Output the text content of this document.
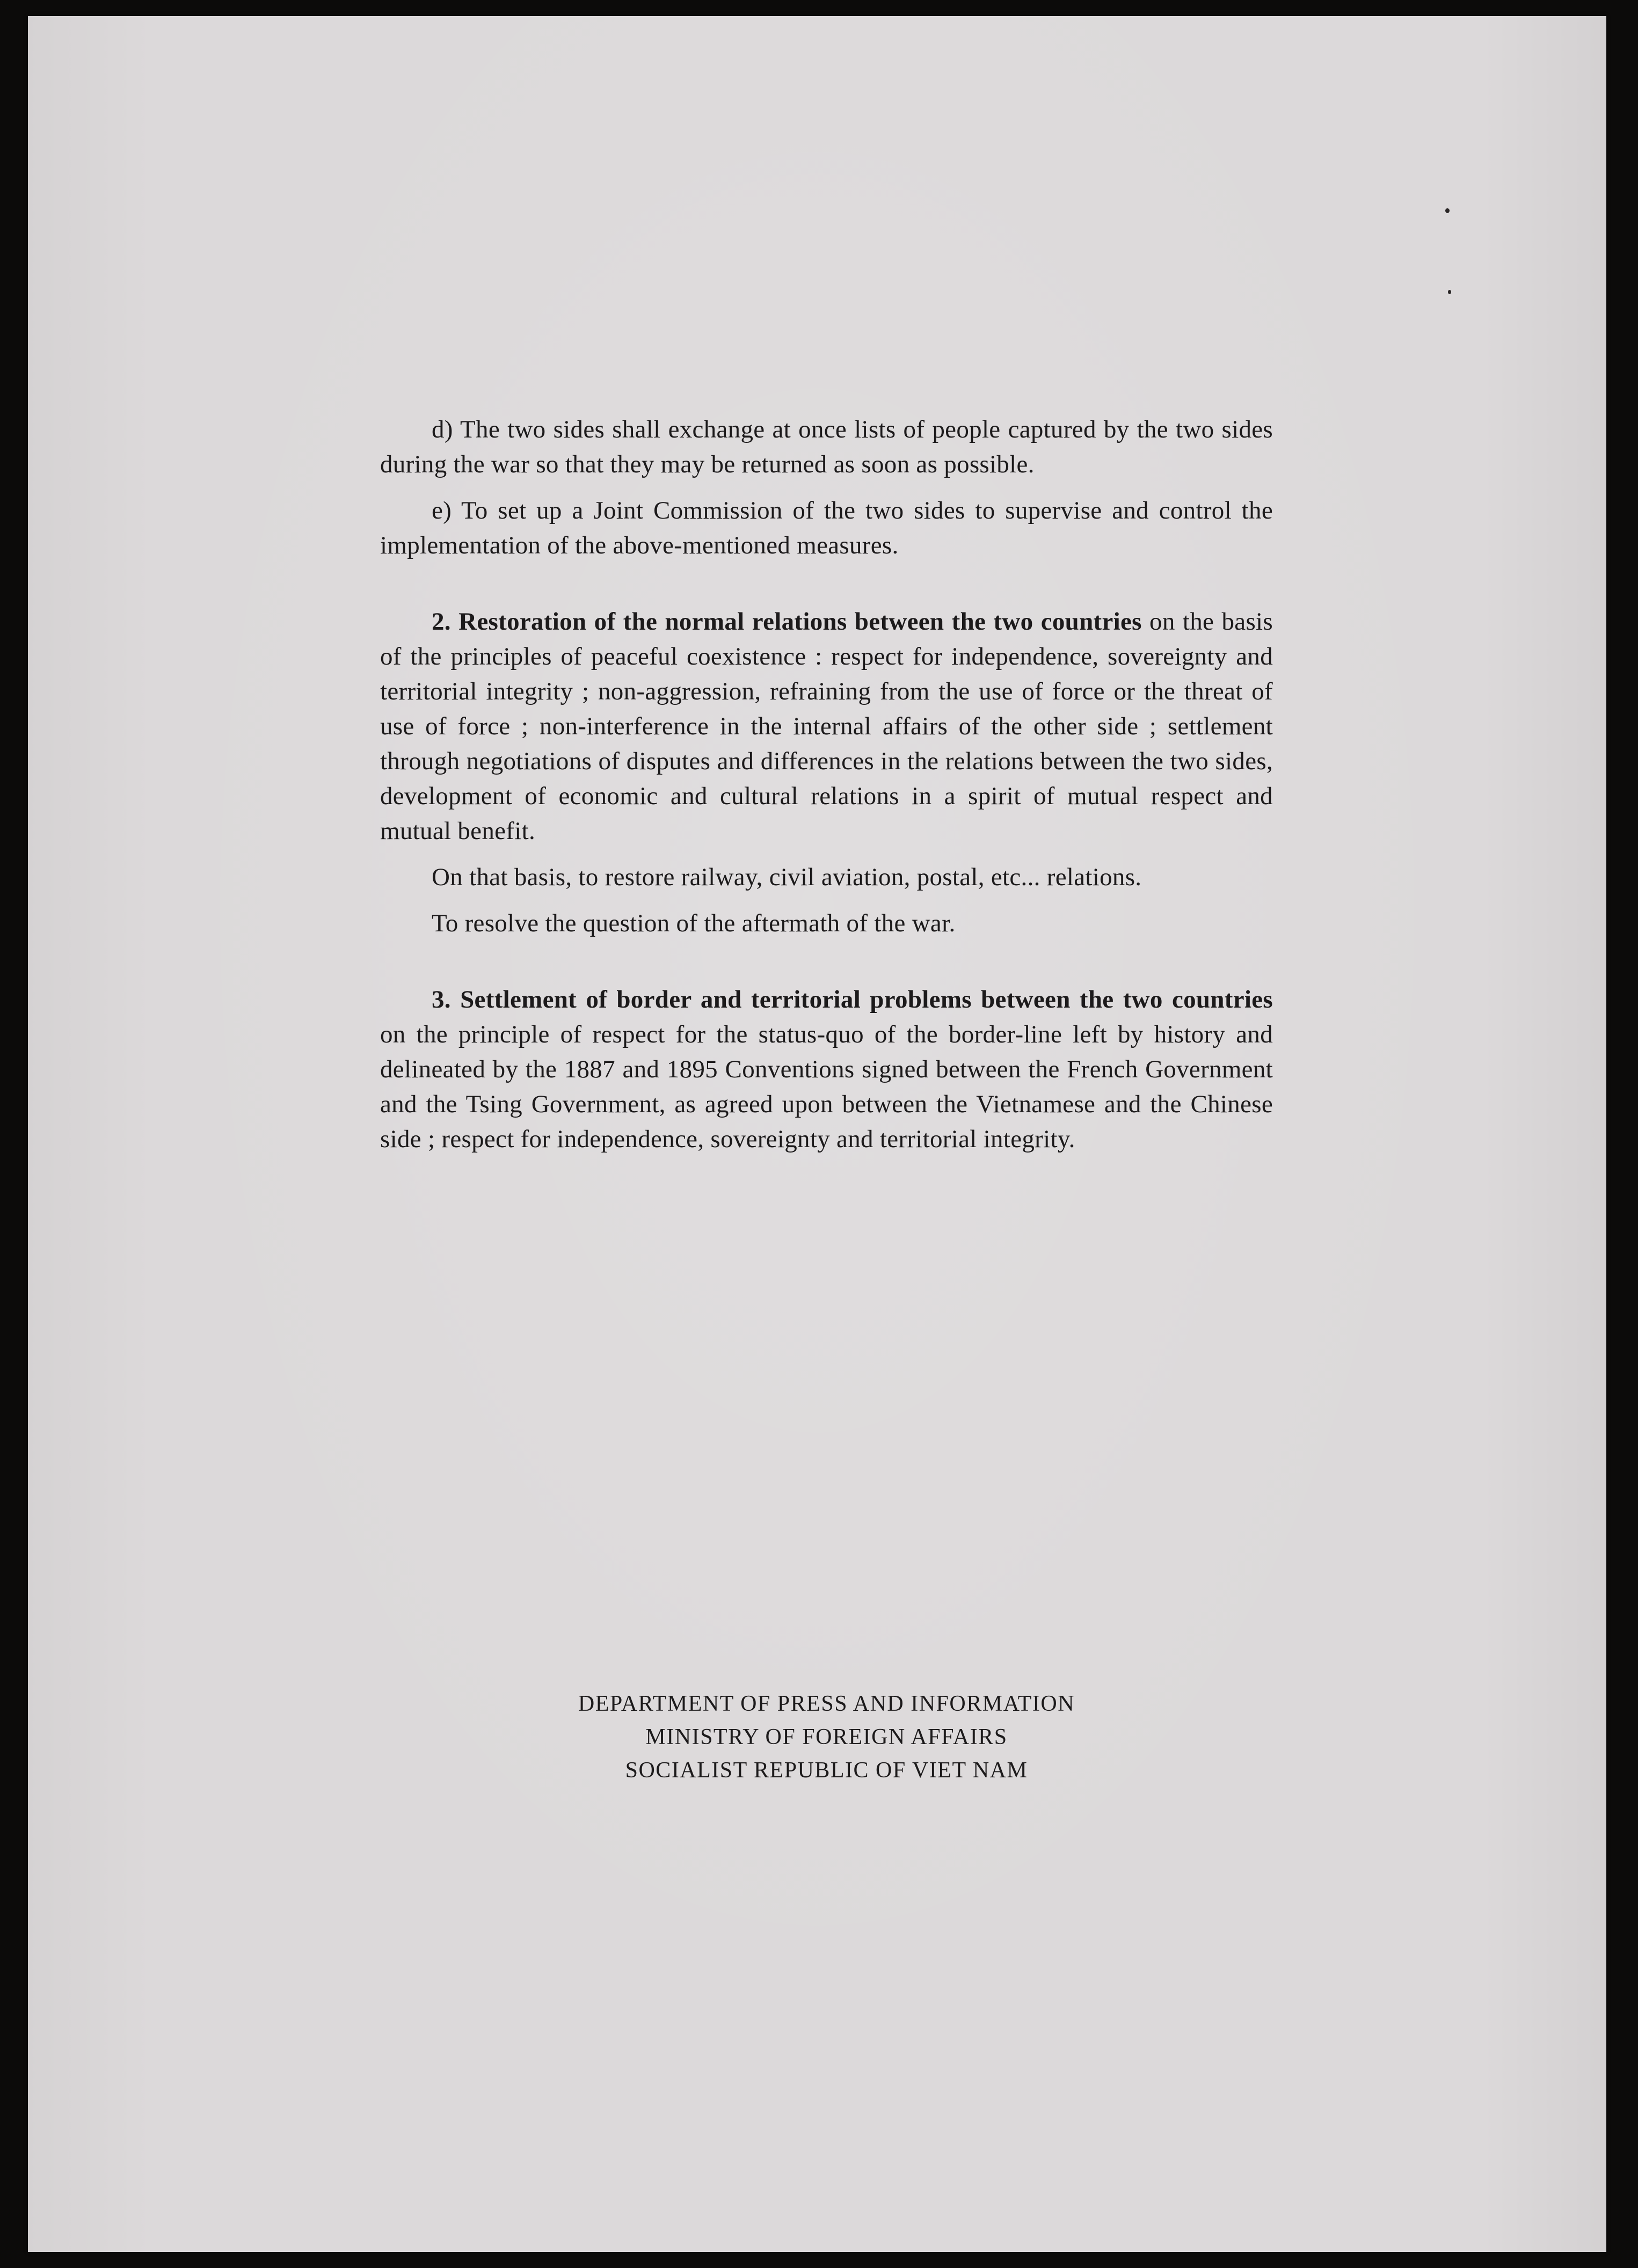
d) The two sides shall exchange at once lists of people captured by the two sides during the war so that they may be returned as soon as possible.

e) To set up a Joint Commission of the two sides to supervise and control the implementation of the above-mentioned measures.

2. Restoration of the normal relations between the two countries on the basis of the principles of peaceful coexistence : respect for independence, sovereignty and territorial integrity ; non-aggression, refraining from the use of force or the threat of use of force ; non-interference in the internal affairs of the other side ; settlement through negotiations of disputes and differences in the relations between the two sides, development of economic and cultural relations in a spirit of mutual respect and mutual benefit.

On that basis, to restore railway, civil aviation, postal, etc... relations.

To resolve the question of the aftermath of the war.

3. Settlement of border and territorial problems between the two countries on the principle of respect for the status-quo of the border-line left by history and delineated by the 1887 and 1895 Conventions signed between the French Government and the Tsing Government, as agreed upon between the Vietnamese and the Chinese side ; respect for independence, sovereignty and territorial integrity.

DEPARTMENT OF PRESS AND INFORMATION
MINISTRY OF FOREIGN AFFAIRS
SOCIALIST REPUBLIC OF VIET NAM
